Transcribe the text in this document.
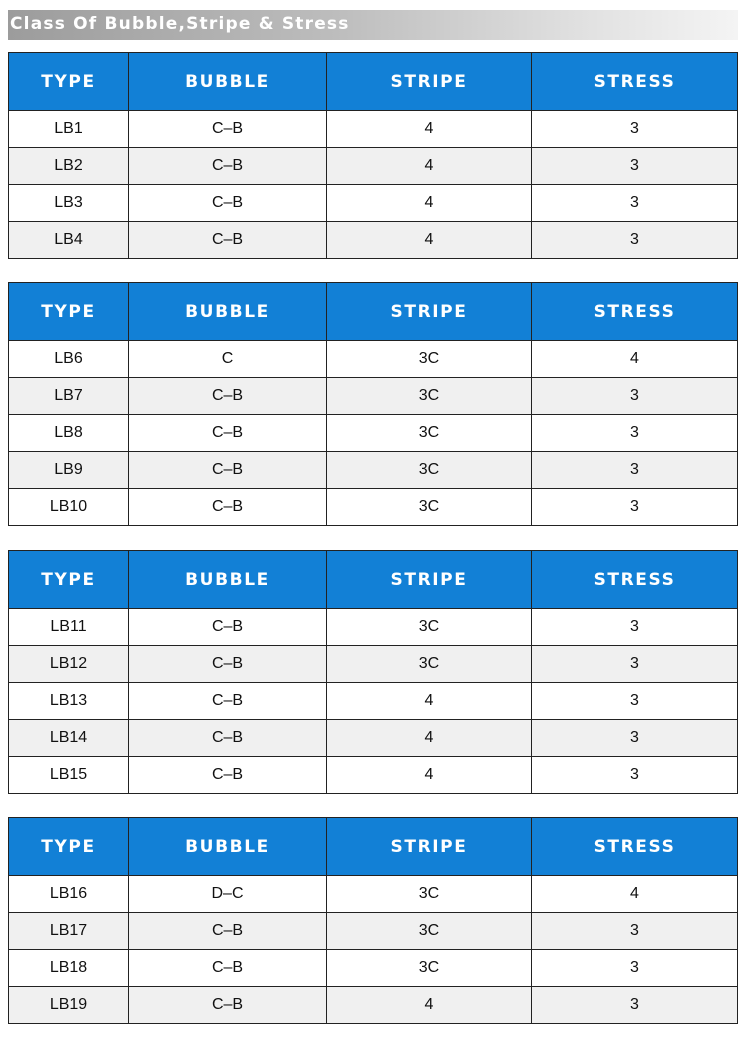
Class Of Bubble,Stripe & Stress
TYPE	BUBBLE	STRIPE	STRESS
LB1	C–B	4	3
LB2	C–B	4	3
LB3	C–B	4	3
LB4	C–B	4	3
TYPE	BUBBLE	STRIPE	STRESS
LB6	C	3C	4
LB7	C–B	3C	3
LB8	C–B	3C	3
LB9	C–B	3C	3
LB10	C–B	3C	3
TYPE	BUBBLE	STRIPE	STRESS
LB11	C–B	3C	3
LB12	C–B	3C	3
LB13	C–B	4	3
LB14	C–B	4	3
LB15	C–B	4	3
TYPE	BUBBLE	STRIPE	STRESS
LB16	D–C	3C	4
LB17	C–B	3C	3
LB18	C–B	3C	3
LB19	C–B	4	3
